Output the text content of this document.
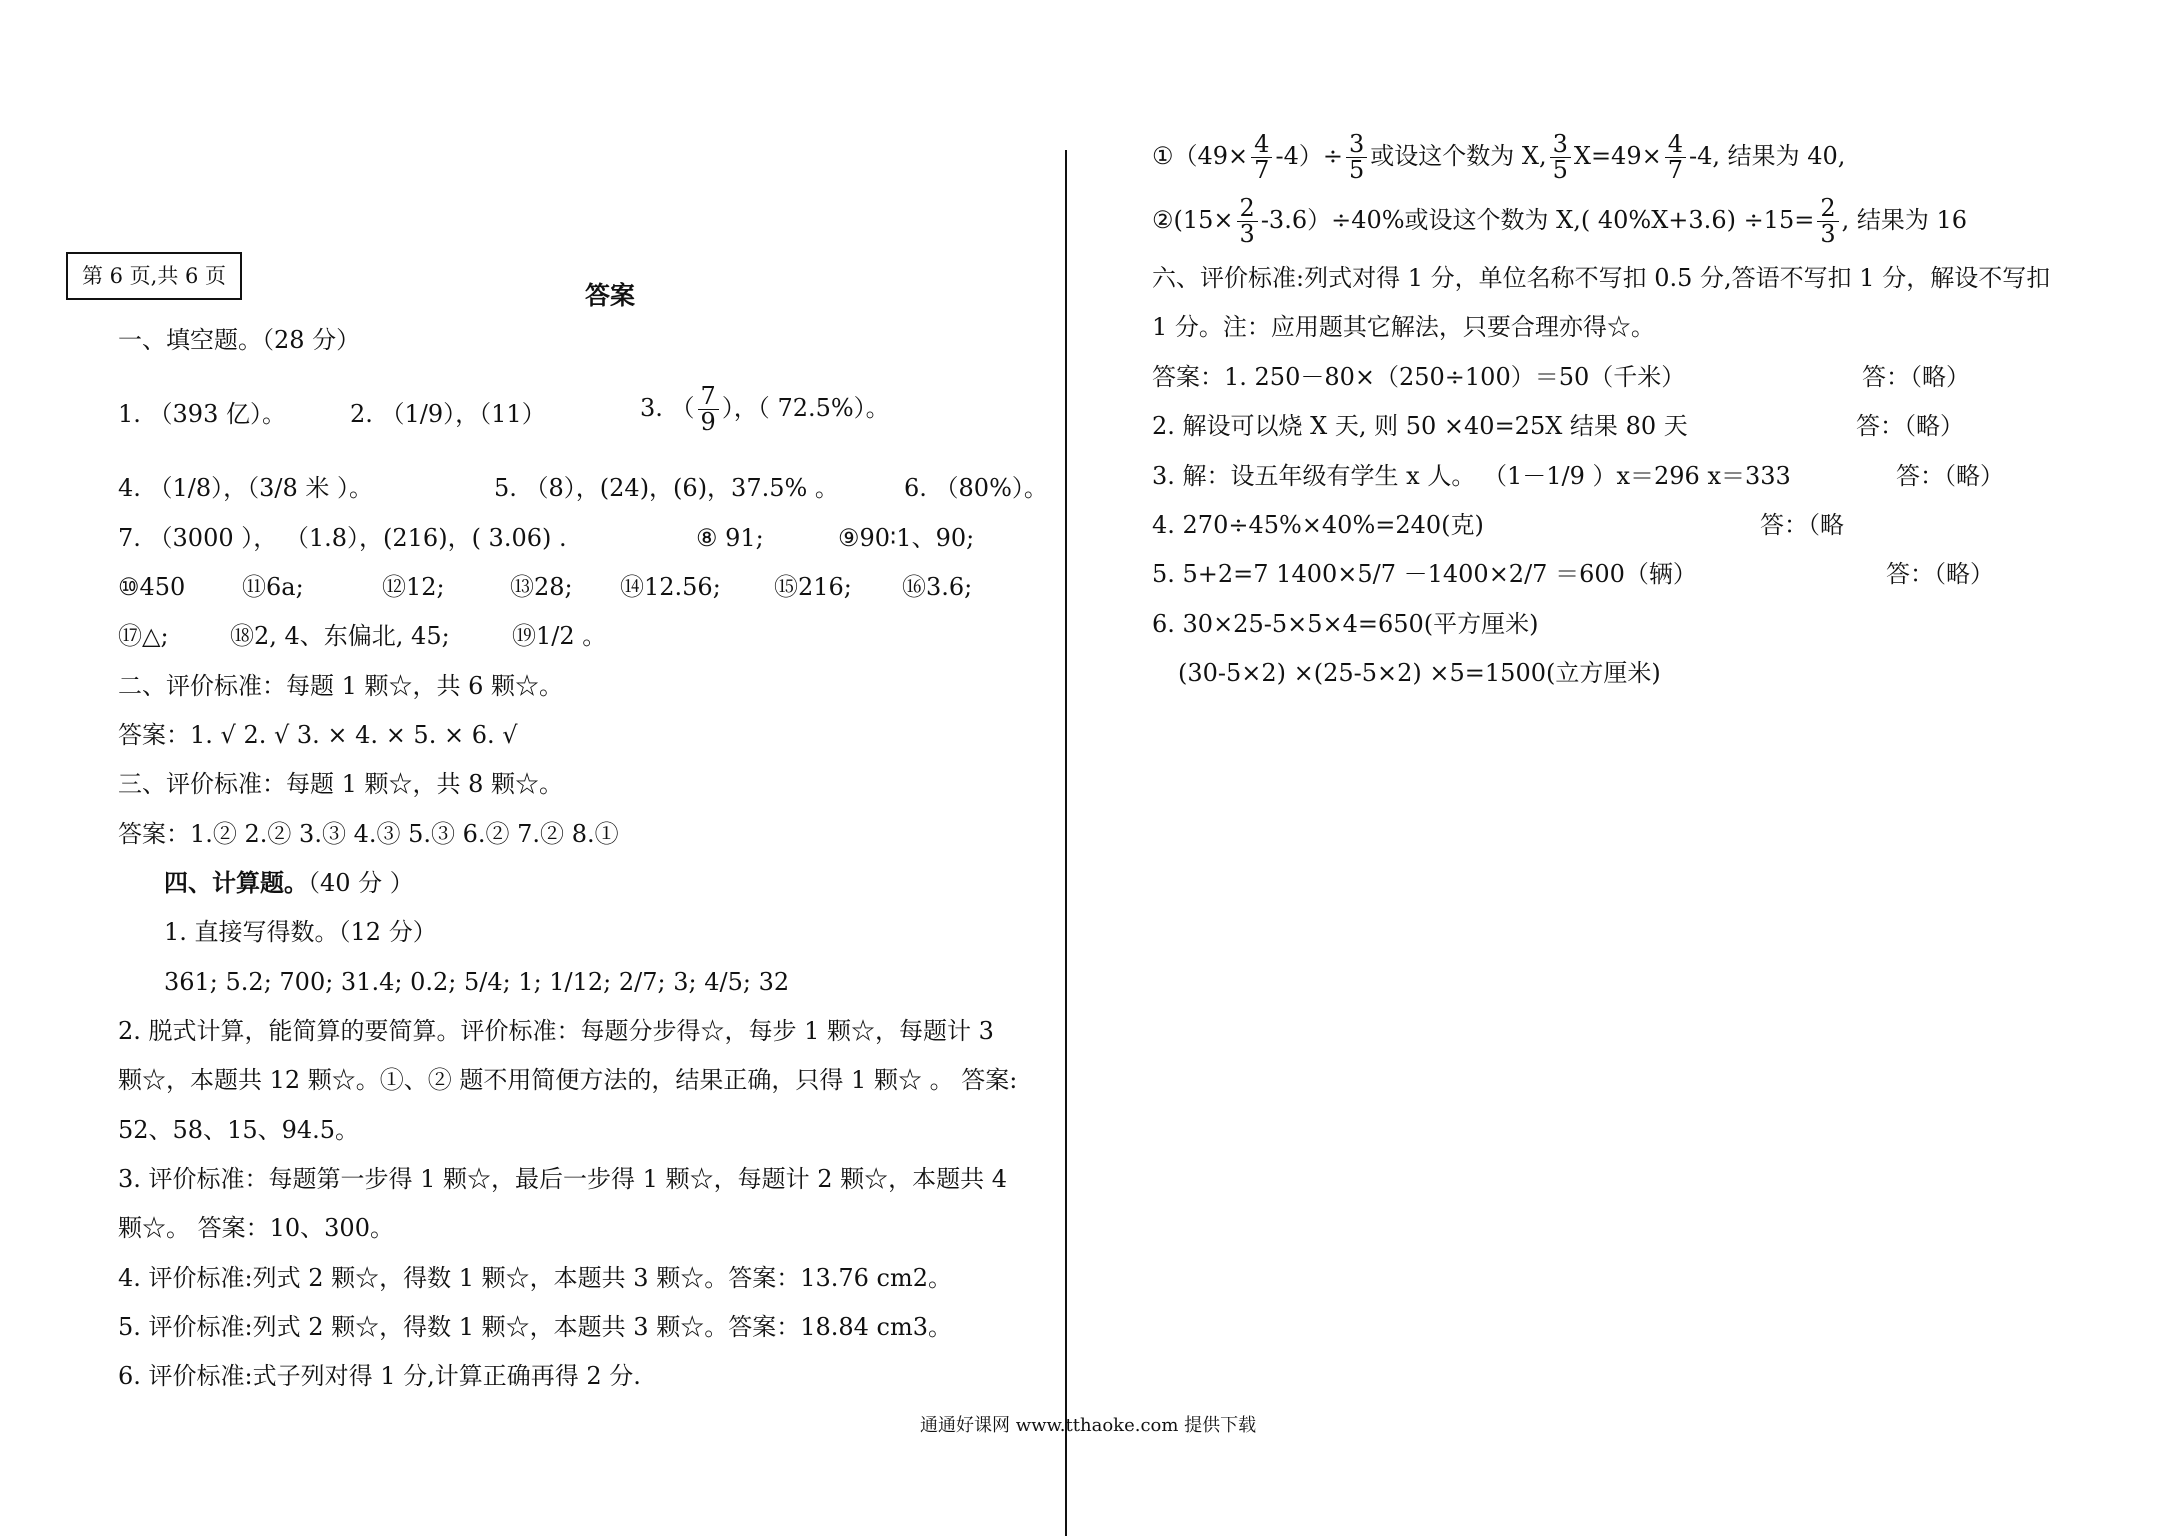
第 6 页,共 6 页
答案
一、填空题。（28 分）
1. （393 亿）。	2. （1/9），（11）	3. （ $\frac{7}{9}$ ），（ 72.5%）。
4. （1/8），（3/8 米 ）。	5. （8），(24)，(6)，37.5% 。	6. （80%）。
7. （3000 ）， （1.8），(216)，( 3.06) .	⑧ 91;	⑨90∶1、90;
⑩450 ⑪6a;	⑫12;	⑬28; ⑭12.56; ⑮216; ⑯3.6;
⑰△;	⑱2, 4、东偏北, 45;	⑲1/2 。
二、评价标准：每题 1 颗☆，共 6 颗☆。
答案：1. √ 2. √ 3. × 4. × 5. × 6. √
三、评价标准：每题 1 颗☆，共 8 颗☆。
答案：1.② 2.② 3.③ 4.③ 5.③ 6.② 7.② 8.①
四、计算题。（40 分 ）
1. 直接写得数。（12 分）
361; 5.2; 700; 31.4; 0.2; 5/4; 1; 1/12; 2/7; 3; 4/5; 32
2. 脱式计算，能简算的要简算。评价标准：每题分步得☆，每步 1 颗☆，每题计 3
颗☆，本题共 12 颗☆。①、② 题不用简便方法的，结果正确，只得 1 颗☆ 。 答案:
52、58、15、94.5。
3. 评价标准：每题第一步得 1 颗☆，最后一步得 1 颗☆，每题计 2 颗☆，本题共 4
颗☆。 答案：10、300。
4. 评价标准:列式 2 颗☆，得数 1 颗☆，本题共 3 颗☆。答案：13.76 cm2。
5. 评价标准:列式 2 颗☆，得数 1 颗☆，本题共 3 颗☆。答案：18.84 cm3。
6. 评价标准:式子列对得 1 分,计算正确再得 2 分.
①（49× $\frac{4}{7} -4)\div \frac{3}{5}$ 或设这个数为 X, $\frac{3}{5} X=49\times \frac{4}{7} -4$, 结果为 40,
②(15× $\frac{2}{3} -3.6)\div 40\%$或设这个数为 X,( $40\%X+3.6) \div 15= \frac{2}{3}$ , 结果为 16
六、评价标准:列式对得 1 分，单位名称不写扣 0.5 分,答语不写扣 1 分，解设不写扣
1 分。注：应用题其它解法，只要合理亦得☆。
答案：1. 250－80×（250÷100）＝50（千米）	答：（略）
2. 解设可以烧 X 天, 则 50 ×40=25X 结果 80 天	答：（略）
3. 解：设五年级有学生 x 人。 （1－1/9 ）x＝296 x＝333	答：（略）
4. 270÷45%×40%=240(克)	答：（略
5. 5+2=7 1400×5/7 －1400×2/7 ＝600（辆）	答：（略）
6. 30×25-5×5×4=650(平方厘米)
(30-5×2) ×(25-5×2) ×5=1500(立方厘米)
通通好课网 www.tthaoke.com 提供下载
